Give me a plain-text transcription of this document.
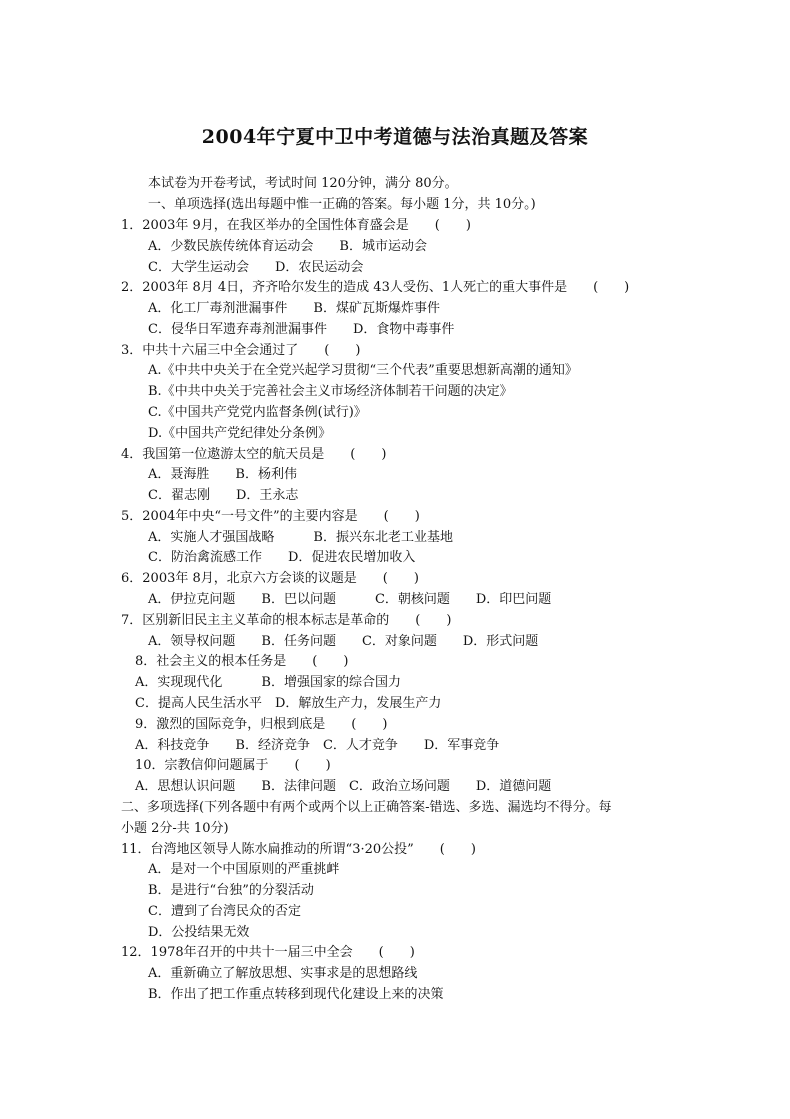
2004年宁夏中卫中考道德与法治真题及答案
本试卷为开卷考试，考试时间 120分钟，满分 80分。
一、单项选择(选出每题中惟一正确的答案。每小题 1分，共 10分。)
1．2003年 9月，在我区举办的全国性体育盛会是　　(　　)
A．少数民族传统体育运动会　　B．城市运动会
C．大学生运动会　　D．农民运动会
2．2003年 8月 4日，齐齐哈尔发生的造成 43人受伤、1人死亡的重大事件是　　(　　)
A．化工厂毒剂泄漏事件　　B．煤矿瓦斯爆炸事件
C．侵华日军遗弃毒剂泄漏事件　　D．食物中毒事件
3．中共十六届三中全会通过了　　(　　)
A.《中共中央关于在全党兴起学习贯彻“三个代表”重要思想新高潮的通知》
B.《中共中央关于完善社会主义市场经济体制若干问题的决定》
C.《中国共产党党内监督条例(试行)》
D.《中国共产党纪律处分条例》
4．我国第一位遨游太空的航天员是　　(　　)
A．聂海胜　　B．杨利伟
C．翟志刚　　D．王永志
5．2004年中央“一号文件”的主要内容是　　(　　)
A．实施人才强国战略　　　B．振兴东北老工业基地
C．防治禽流感工作　　D．促进农民增加收入
6．2003年 8月，北京六方会谈的议题是　　(　　)
A．伊拉克问题　　B．巴以问题　　　C．朝核问题　　D．印巴问题
7．区别新旧民主主义革命的根本标志是革命的　　(　　)
A．领导权问题　　B．任务问题　　C．对象问题　　D．形式问题
8．社会主义的根本任务是　　(　　)
A．实现现代化　　　B．增强国家的综合国力
C．提高人民生活水平　D．解放生产力，发展生产力
9．激烈的国际竞争，归根到底是　　(　　)
A．科技竞争　　B．经济竞争　C．人才竞争　　D．军事竞争
10．宗教信仰问题属于　　(　　)
A．思想认识问题　　B．法律问题　C．政治立场问题　　D．道德问题
二、多项选择(下列各题中有两个或两个以上正确答案-错选、多选、漏选均不得分。每
小题 2分-共 10分)
11．台湾地区领导人陈水扁推动的所谓“3·20公投”　　(　　)
A．是对一个中国原则的严重挑衅
B．是进行“台独”的分裂活动
C．遭到了台湾民众的否定
D．公投结果无效
12．1978年召开的中共十一届三中全会　　(　　)
A．重新确立了解放思想、实事求是的思想路线
B．作出了把工作重点转移到现代化建设上来的决策
